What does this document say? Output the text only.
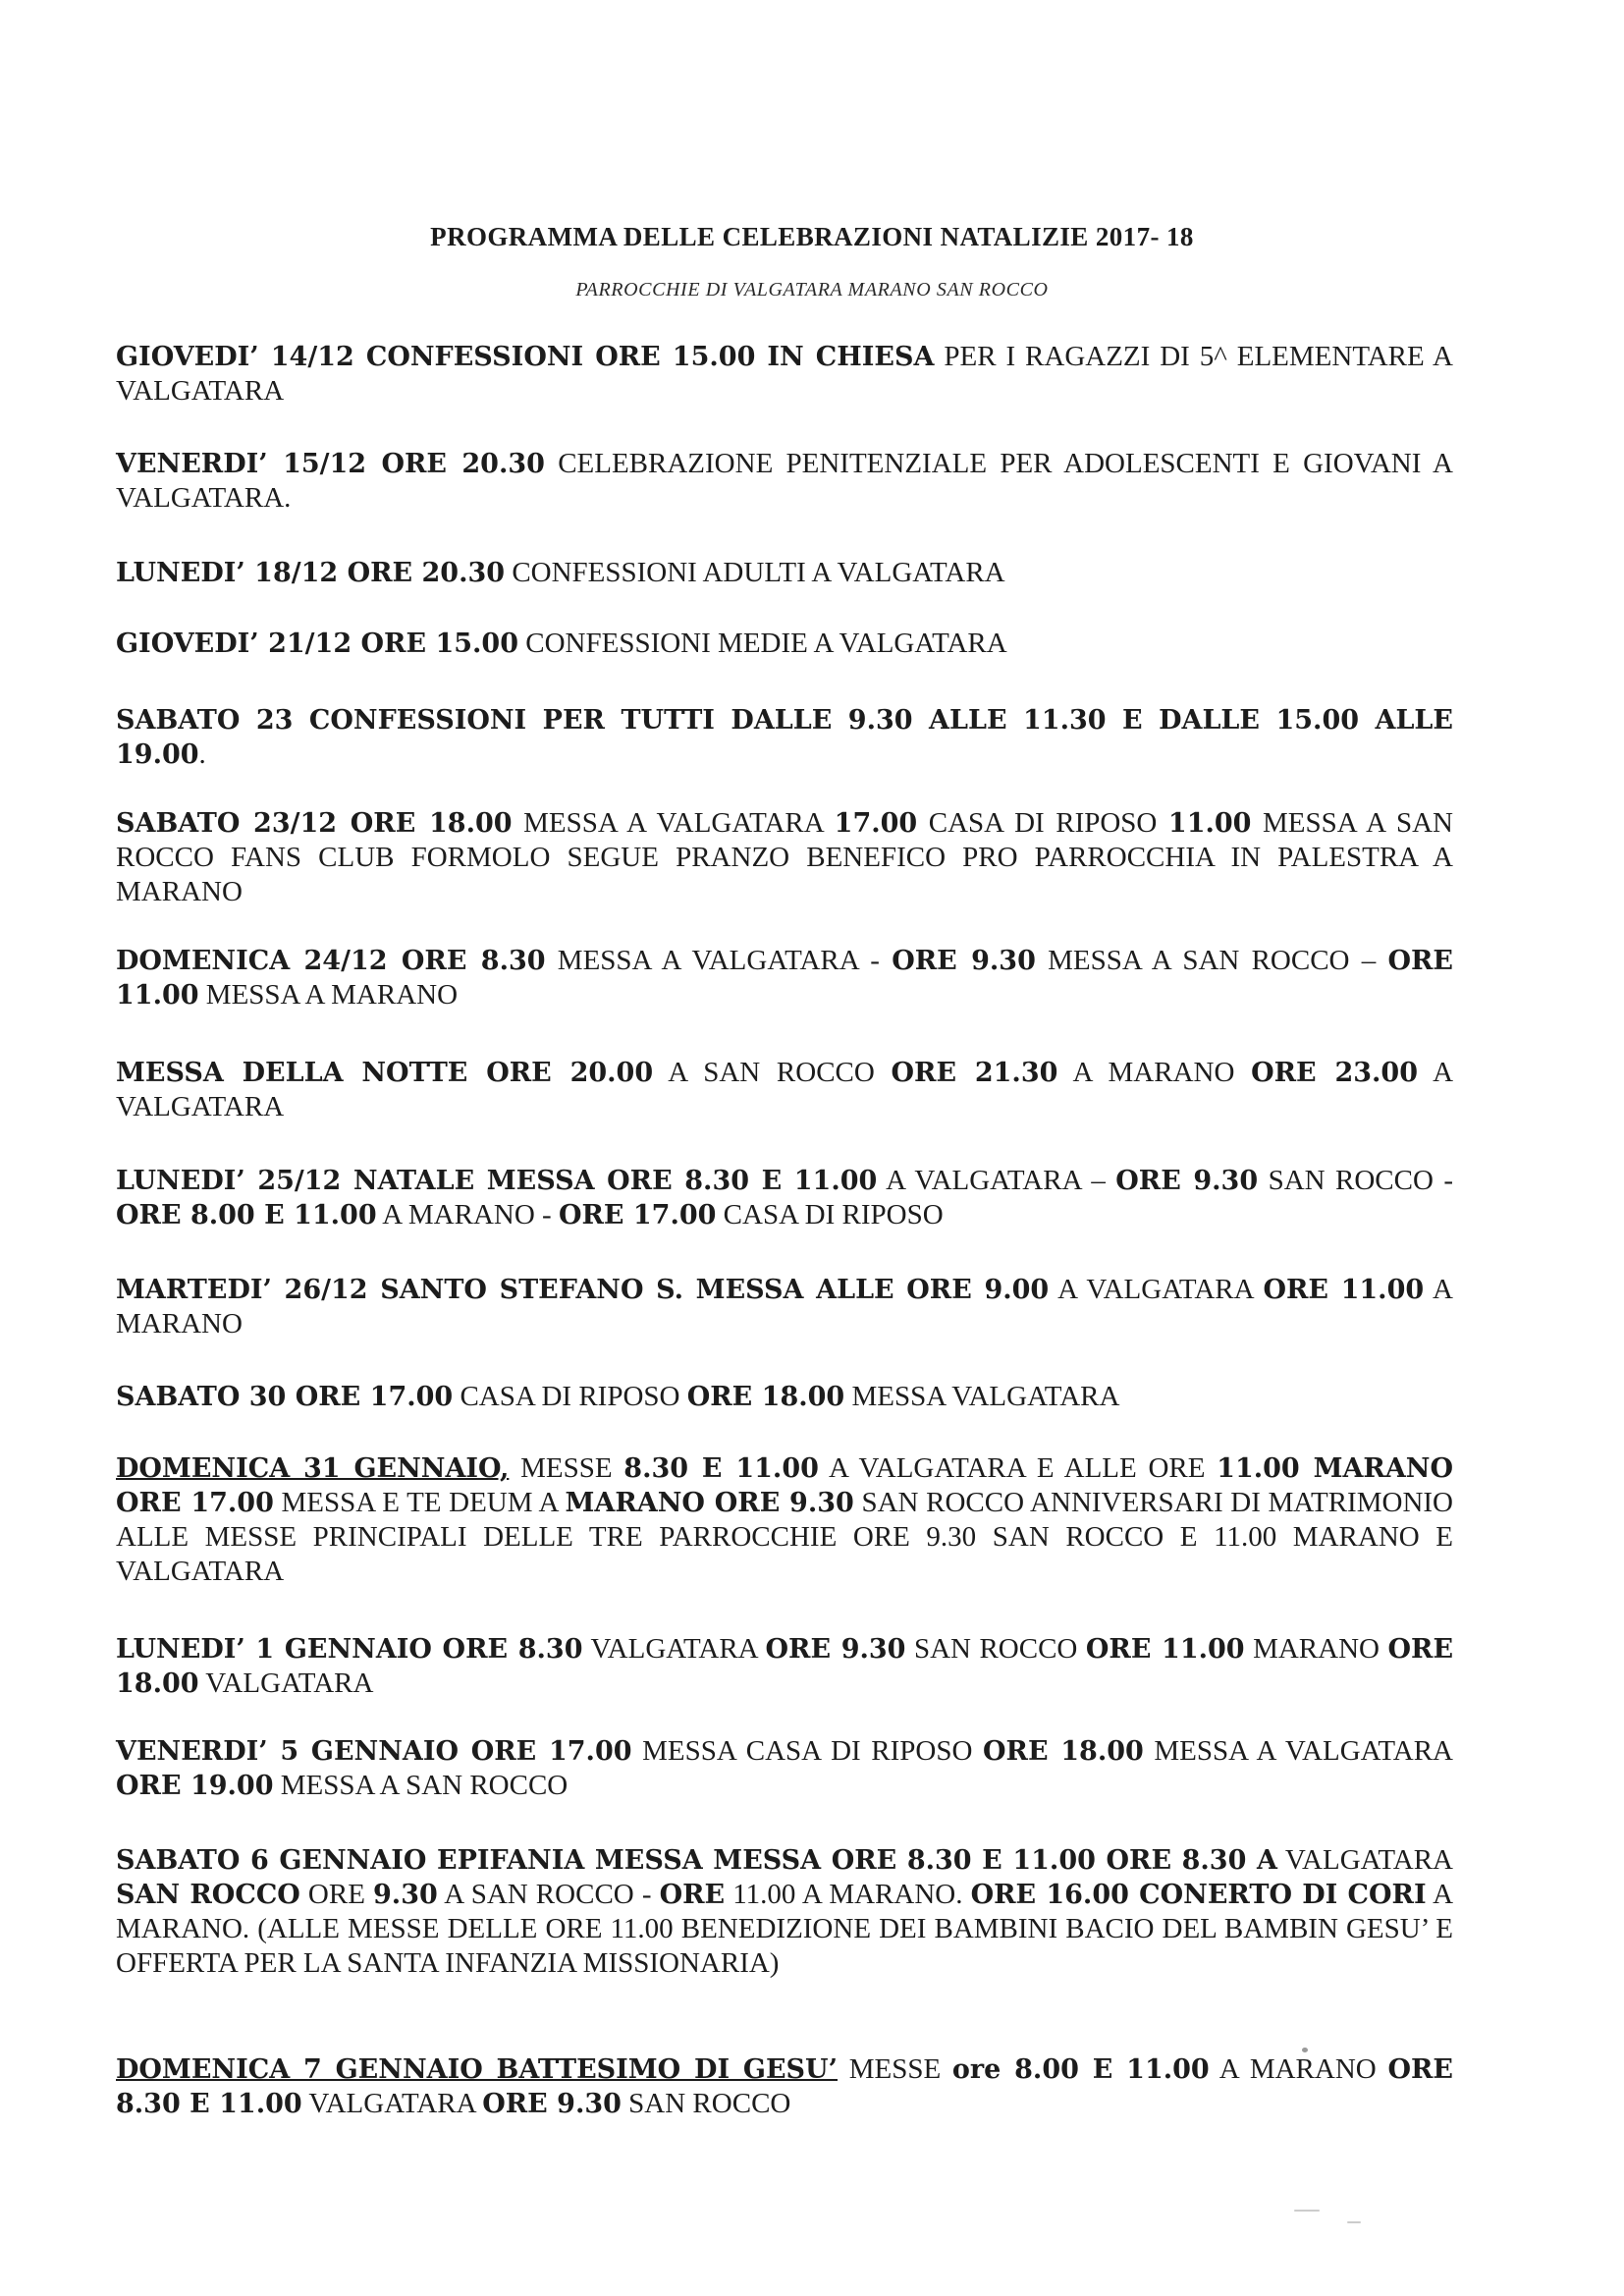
PROGRAMMA DELLE CELEBRAZIONI NATALIZIE 2017- 18
PARROCCHIE DI VALGATARA MARANO SAN ROCCO
GIOVEDI’ 14/12 CONFESSIONI ORE 15.00 IN CHIESA PER I RAGAZZI DI 5^ ELEMENTARE A VALGATARA
VENERDI’ 15/12 ORE 20.30 CELEBRAZIONE PENITENZIALE PER ADOLESCENTI E GIOVANI A VALGATARA.
LUNEDI’ 18/12 ORE 20.30 CONFESSIONI ADULTI A VALGATARA
GIOVEDI’ 21/12 ORE 15.00 CONFESSIONI MEDIE A VALGATARA
SABATO 23 CONFESSIONI PER TUTTI DALLE 9.30 ALLE 11.30 E DALLE 15.00 ALLE 19.00.
SABATO 23/12 ORE 18.00 MESSA A VALGATARA 17.00 CASA DI RIPOSO 11.00 MESSA A SAN ROCCO FANS CLUB FORMOLO SEGUE PRANZO BENEFICO PRO PARROCCHIA IN PALESTRA A MARANO
DOMENICA 24/12 ORE 8.30 MESSA A VALGATARA - ORE 9.30 MESSA A SAN ROCCO – ORE 11.00 MESSA A MARANO
MESSA DELLA NOTTE ORE 20.00 A SAN ROCCO ORE 21.30 A MARANO ORE 23.00 A VALGATARA
LUNEDI’ 25/12 NATALE MESSA ORE 8.30 E 11.00 A VALGATARA – ORE 9.30 SAN ROCCO - ORE 8.00 E 11.00 A MARANO - ORE 17.00 CASA DI RIPOSO
MARTEDI’ 26/12 SANTO STEFANO S. MESSA ALLE ORE 9.00 A VALGATARA ORE 11.00 A MARANO
SABATO 30 ORE 17.00 CASA DI RIPOSO ORE 18.00 MESSA VALGATARA
DOMENICA 31 GENNAIO, MESSE 8.30 E 11.00 A VALGATARA E ALLE ORE 11.00 MARANO ORE 17.00 MESSA E TE DEUM A MARANO ORE 9.30 SAN ROCCO ANNIVERSARI DI MATRIMONIO ALLE MESSE PRINCIPALI DELLE TRE PARROCCHIE ORE 9.30 SAN ROCCO E 11.00 MARANO E VALGATARA
LUNEDI’ 1 GENNAIO ORE 8.30 VALGATARA ORE 9.30 SAN ROCCO ORE 11.00 MARANO ORE 18.00 VALGATARA
VENERDI’ 5 GENNAIO ORE 17.00 MESSA CASA DI RIPOSO ORE 18.00 MESSA A VALGATARA ORE 19.00 MESSA A SAN ROCCO
SABATO 6 GENNAIO EPIFANIA MESSA MESSA ORE 8.30 E 11.00 ORE 8.30 A VALGATARA SAN ROCCO ORE 9.30 A SAN ROCCO - ORE 11.00 A MARANO. ORE 16.00 CONERTO DI CORI A MARANO. (ALLE MESSE DELLE ORE 11.00 BENEDIZIONE DEI BAMBINI BACIO DEL BAMBIN GESU’ E OFFERTA PER LA SANTA INFANZIA MISSIONARIA)
DOMENICA 7 GENNAIO BATTESIMO DI GESU’ MESSE ore 8.00 E 11.00 A MARANO ORE 8.30 E 11.00 VALGATARA ORE 9.30 SAN ROCCO
